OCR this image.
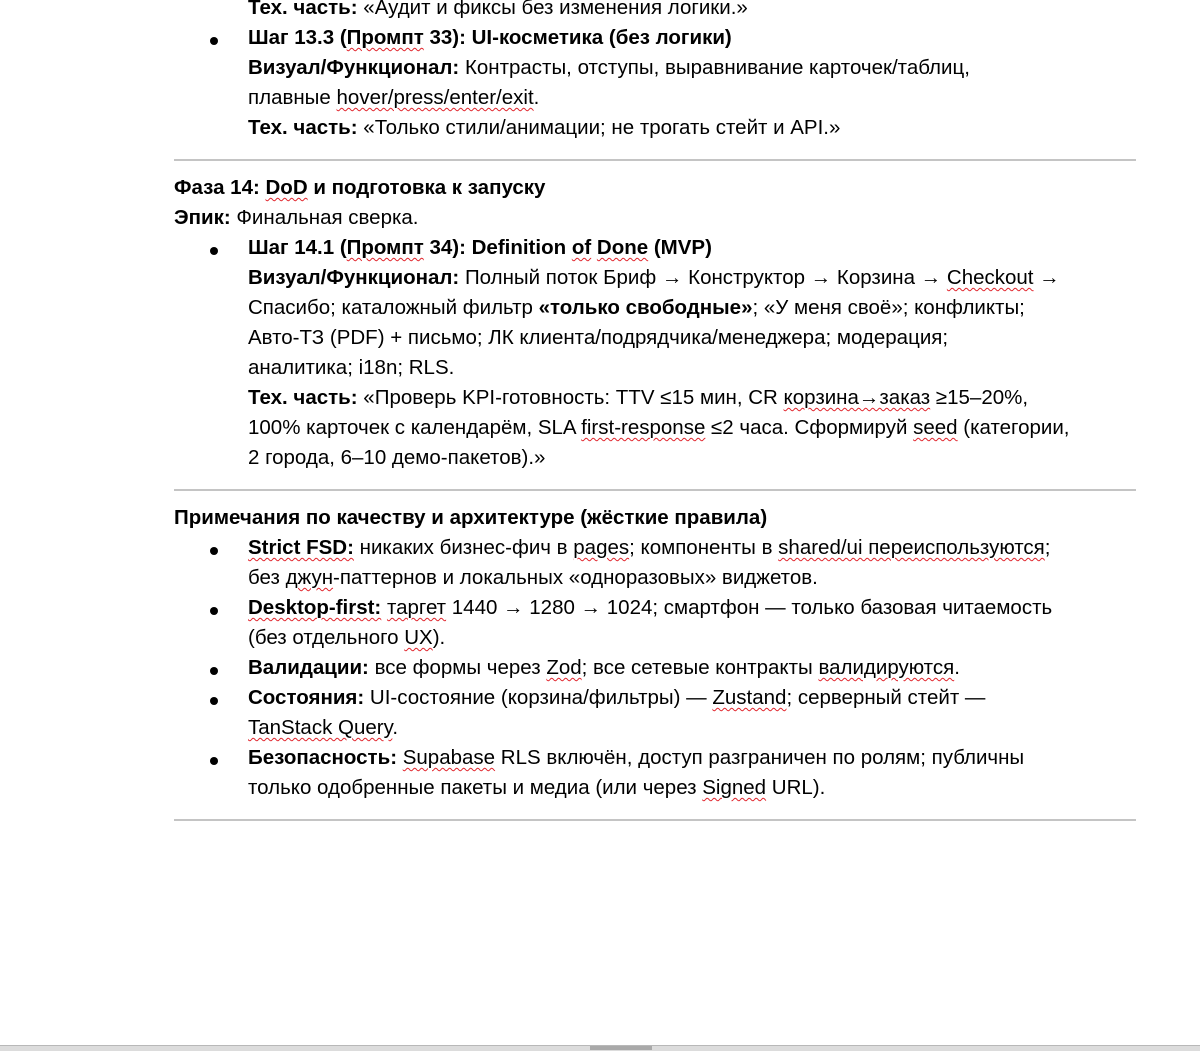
Тех. часть: «Аудит и фиксы без изменения логики.»
Шаг 13.3 (Промпт 33): UI-косметика (без логики)
Визуал/Функционал: Контрасты, отступы, выравнивание карточек/таблиц,
плавные hover/press/enter/exit.
Тех. часть: «Только стили/анимации; не трогать стейт и API.»
Фаза 14: DoD и подготовка к запуску
Эпик: Финальная сверка.
Шаг 14.1 (Промпт 34): Definition of Done (MVP)
Визуал/Функционал: Полный поток Бриф → Конструктор → Корзина → Checkout →
Спасибо; каталожный фильтр «только свободные»; «У меня своё»; конфликты;
Авто-ТЗ (PDF) + письмо; ЛК клиента/подрядчика/менеджера; модерация;
аналитика; i18n; RLS.
Тех. часть: «Проверь KPI-готовность: TTV ≤15 мин, CR корзина→заказ ≥15–20%,
100% карточек с календарём, SLA first-response ≤2 часа. Сформируй seed (категории,
2 города, 6–10 демо-пакетов).»
Примечания по качеству и архитектуре (жёсткие правила)
Strict FSD: никаких бизнес-фич в pages; компоненты в shared/ui переиспользуются;
без джун-паттернов и локальных «одноразовых» виджетов.
Desktop-first: таргет 1440 → 1280 → 1024; смартфон — только базовая читаемость
(без отдельного UX).
Валидации: все формы через Zod; все сетевые контракты валидируются.
Состояния: UI-состояние (корзина/фильтры) — Zustand; серверный стейт —
TanStack Query.
Безопасность: Supabase RLS включён, доступ разграничен по ролям; публичны
только одобренные пакеты и медиа (или через Signed URL).
